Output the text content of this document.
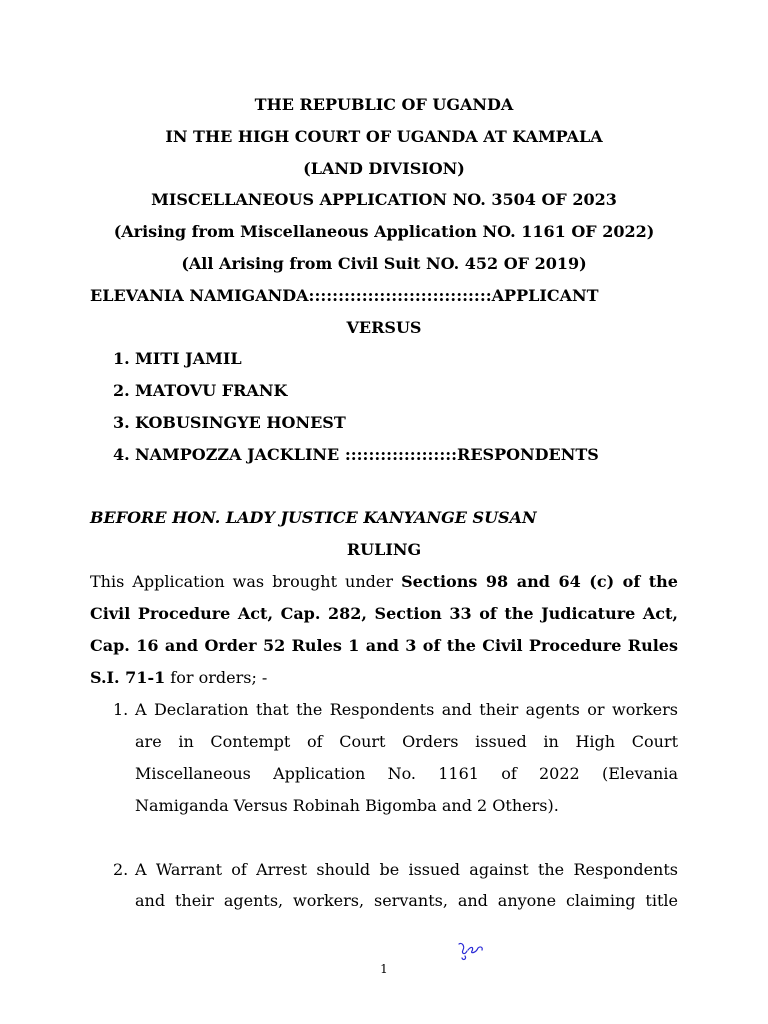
THE REPUBLIC OF UGANDA
IN THE HIGH COURT OF UGANDA AT KAMPALA
(LAND DIVISION)
MISCELLANEOUS APPLICATION NO. 3504 OF 2023
(Arising from Miscellaneous Application NO. 1161 OF 2022)
(All Arising from Civil Suit NO. 452 OF 2019)
ELEVANIA NAMIGANDA:::::::::::::::::::::::::::::::APPLICANT
VERSUS
1. MITI JAMIL
2. MATOVU FRANK
3. KOBUSINGYE HONEST
4. NAMPOZZA JACKLINE :::::::::::::::::::RESPONDENTS
BEFORE HON. LADY JUSTICE KANYANGE SUSAN
RULING
This Application was brought under Sections 98 and 64 (c) of the
Civil Procedure Act, Cap. 282, Section 33 of the Judicature Act,
Cap. 16 and Order 52 Rules 1 and 3 of the Civil Procedure Rules
S.I. 71-1 for orders; -
1. A Declaration that the Respondents and their agents or workers
are in Contempt of Court Orders issued in High Court
Miscellaneous Application No. 1161 of 2022 (Elevania
Namiganda Versus Robinah Bigomba and 2 Others).
2. A Warrant of Arrest should be issued against the Respondents
and their agents, workers, servants, and anyone claiming title
1
